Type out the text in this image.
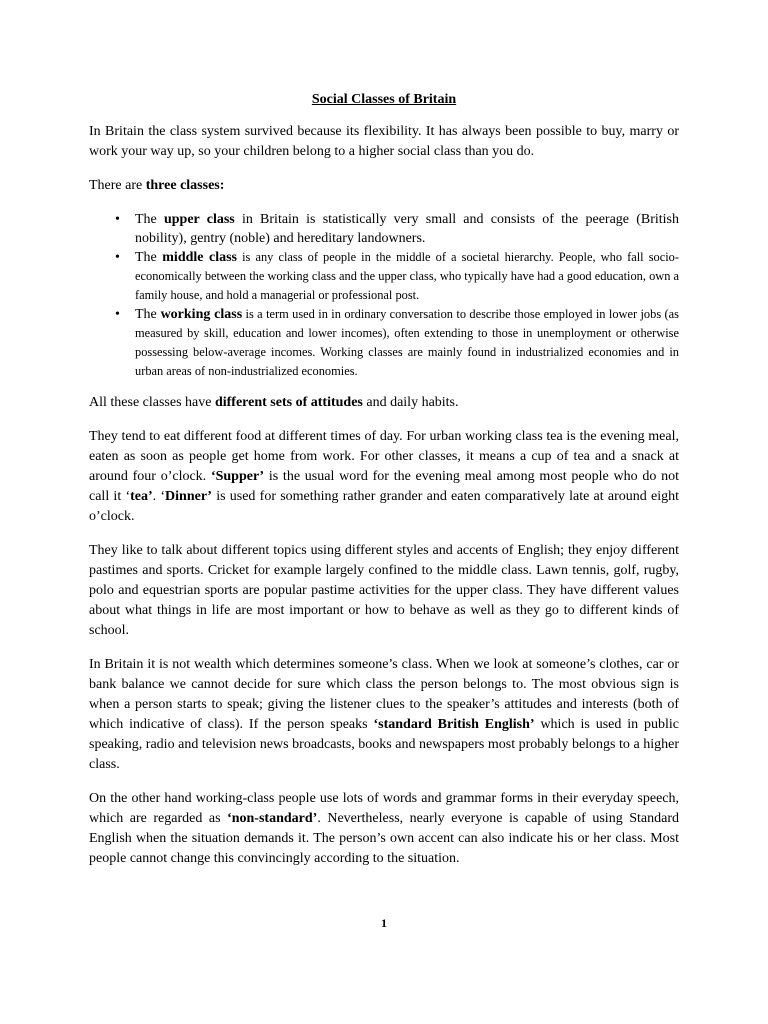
Social Classes of Britain

In Britain the class system survived because its flexibility. It has always been possible to buy, marry or work your way up, so your children belong to a higher social class than you do.

There are three classes:

• The upper class in Britain is statistically very small and consists of the peerage (British nobility), gentry (noble) and hereditary landowners.
• The middle class is any class of people in the middle of a societal hierarchy. People, who fall socio-economically between the working class and the upper class, who typically have had a good education, own a family house, and hold a managerial or professional post.
• The working class is a term used in in ordinary conversation to describe those employed in lower jobs (as measured by skill, education and lower incomes), often extending to those in unemployment or otherwise possessing below-average incomes. Working classes are mainly found in industrialized economies and in urban areas of non-industrialized economies.

All these classes have different sets of attitudes and daily habits.

They tend to eat different food at different times of day. For urban working class tea is the evening meal, eaten as soon as people get home from work. For other classes, it means a cup of tea and a snack at around four o’clock. ‘Supper’ is the usual word for the evening meal among most people who do not call it ‘tea’. ‘Dinner’ is used for something rather grander and eaten comparatively late at around eight o’clock.

They like to talk about different topics using different styles and accents of English; they enjoy different pastimes and sports. Cricket for example largely confined to the middle class. Lawn tennis, golf, rugby, polo and equestrian sports are popular pastime activities for the upper class. They have different values about what things in life are most important or how to behave as well as they go to different kinds of school.

In Britain it is not wealth which determines someone’s class. When we look at someone’s clothes, car or bank balance we cannot decide for sure which class the person belongs to. The most obvious sign is when a person starts to speak; giving the listener clues to the speaker’s attitudes and interests (both of which indicative of class). If the person speaks ‘standard British English’ which is used in public speaking, radio and television news broadcasts, books and newspapers most probably belongs to a higher class.

On the other hand working-class people use lots of words and grammar forms in their everyday speech, which are regarded as ‘non-standard’. Nevertheless, nearly everyone is capable of using Standard English when the situation demands it. The person’s own accent can also indicate his or her class. Most people cannot change this convincingly according to the situation.

1
